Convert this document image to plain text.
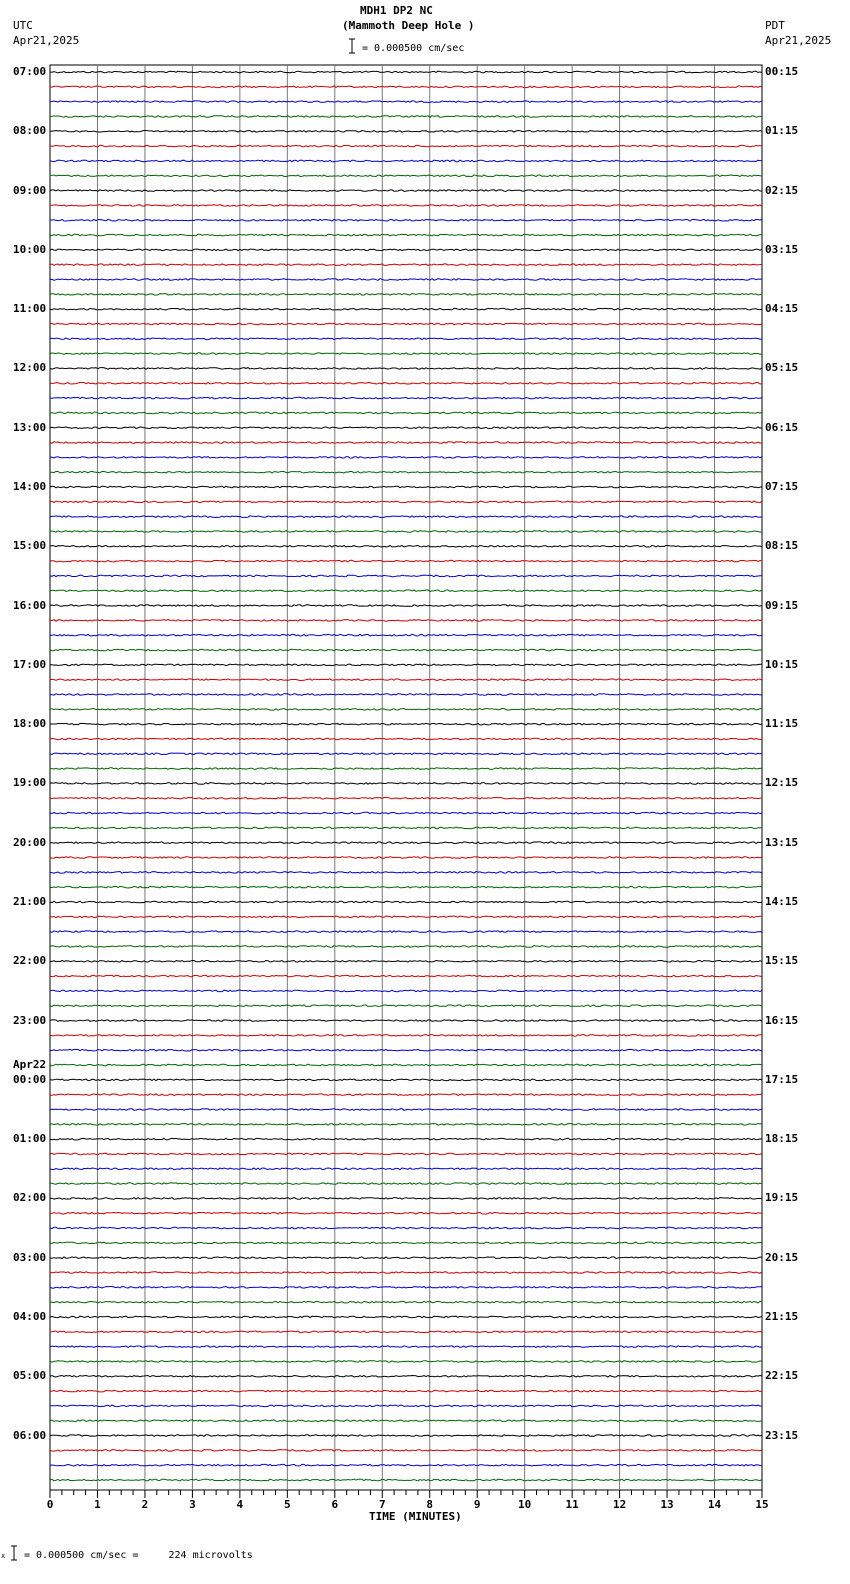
MDH1 DP2 NC
(Mammoth Deep Hole )
UTC
Apr21,2025
PDT
Apr21,2025
= 0.000500 cm/sec
07:00
08:00
09:00
10:00
11:00
12:00
13:00
14:00
15:00
16:00
17:00
18:00
19:00
20:00
21:00
22:00
23:00
00:00
Apr22
01:00
02:00
03:00
04:00
05:00
06:00
00:15
01:15
02:15
03:15
04:15
05:15
06:15
07:15
08:15
09:15
10:15
11:15
12:15
13:15
14:15
15:15
16:15
17:15
18:15
19:15
20:15
21:15
22:15
23:15
0	1	2	3	4	5	6	7	8	9	10	11	12	13	14	15
TIME (MINUTES)
x = 0.000500 cm/sec =     224 microvolts
